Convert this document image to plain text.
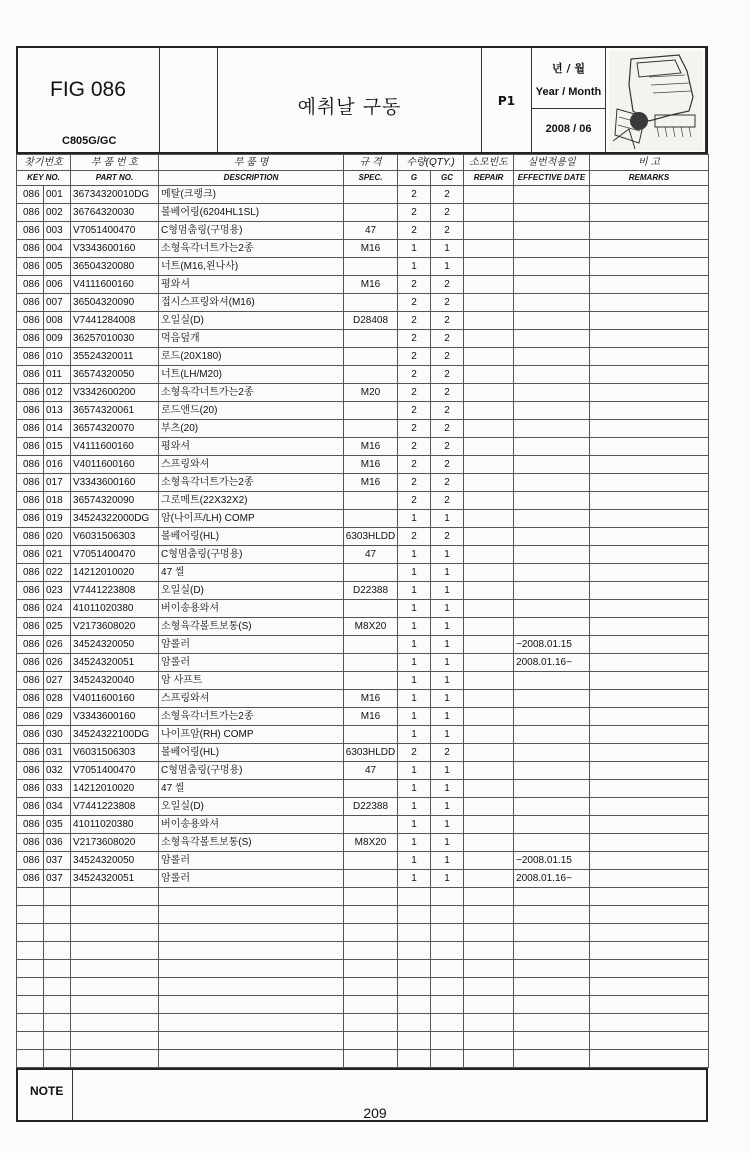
FIG 086
C805G/GC
예취날 구동	P1
년 / 월
Year / Month
2008 / 06
찾기번호		부 품 번 호	부 품 명	규 격	수량(QTY.)		소모빈도	실번적용일	비 고
KEY NO.		PART NO.	DESCRIPTION	SPEC.	G	GC	REPAIR	EFFECTIVE DATE	REMARKS
086	001	36734320010DG	메탈(크랭크)		2	2			
086	002	36764320030	볼베어링(6204HL1SL)		2	2			
086	003	V7051400470	C형멈춤링(구멍용)	47	2	2			
086	004	V3343600160	소형육각너트가는2종	M16	1	1			
086	005	36504320080	너트(M16,왼나사)		1	1			
086	006	V4111600160	평와셔	M16	2	2			
086	007	36504320090	접시스프링와셔(M16)		2	2			
086	008	V7441284008	오일실(D)	D28408	2	2			
086	009	36257010030	먹음덮개		2	2			
086	010	35524320011	로드(20X180)		2	2			
086	011	36574320050	너트(LH/M20)		2	2			
086	012	V3342600200	소형육각너트가는2종	M20	2	2			
086	013	36574320061	로드앤드(20)		2	2			
086	014	36574320070	부츠(20)		2	2			
086	015	V4111600160	평와셔	M16	2	2			
086	016	V4011600160	스프링와셔	M16	2	2			
086	017	V3343600160	소형육각너트가는2종	M16	2	2			
086	018	36574320090	그로메트(22X32X2)		2	2			
086	019	34524322000DG	암(나이프/LH) COMP		1	1			
086	020	V6031506303	볼베어링(HL)	6303HLDD	2	2			
086	021	V7051400470	C형멈춤링(구멍용)	47	1	1			
086	022	14212010020	47 씰		1	1			
086	023	V7441223808	오일실(D)	D22388	1	1			
086	024	41011020380	버이송용와셔		1	1			
086	025	V2173608020	소형육각볼트보통(S)	M8X20	1	1			
086	026	34524320050	암롤러		1	1		~2008.01.15	
086	026	34524320051	암롤러		1	1		2008.01.16~	
086	027	34524320040	암 사프트		1	1			
086	028	V4011600160	스프링와셔	M16	1	1			
086	029	V3343600160	소형육각너트가는2종	M16	1	1			
086	030	34524322100DG	나이프암(RH) COMP		1	1			
086	031	V6031506303	볼베어링(HL)	6303HLDD	2	2			
086	032	V7051400470	C형멈춤링(구멍용)	47	1	1			
086	033	14212010020	47 씰		1	1			
086	034	V7441223808	오일실(D)	D22388	1	1			
086	035	41011020380	버이송용와셔		1	1			
086	036	V2173608020	소형육각볼트보통(S)	M8X20	1	1			
086	037	34524320050	암롤러		1	1		~2008.01.15	
086	037	34524320051	암롤러		1	1		2008.01.16~	

NOTE
209
